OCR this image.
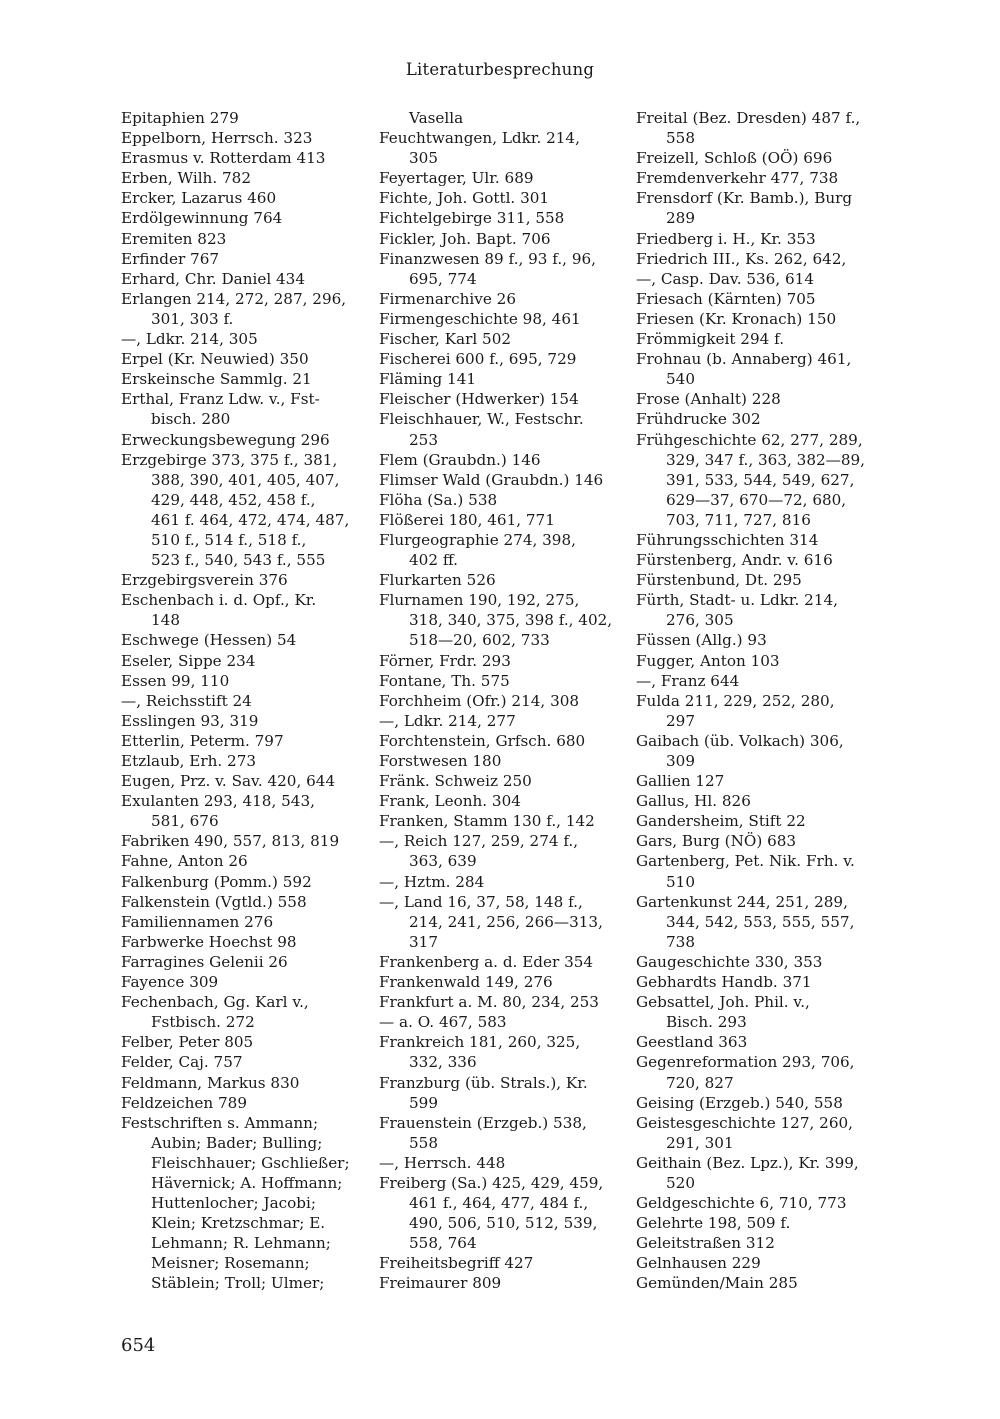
Literaturbesprechung
Epitaphien 279
Eppelborn, Herrsch. 323
Erasmus v. Rotterdam 413
Erben, Wilh. 782
Ercker, Lazarus 460
Erdölgewinnung 764
Eremiten 823
Erfinder 767
Erhard, Chr. Daniel 434
Erlangen 214, 272, 287, 296,
301, 303 f.
—, Ldkr. 214, 305
Erpel (Kr. Neuwied) 350
Erskeinsche Sammlg. 21
Erthal, Franz Ldw. v., Fst-
bisch. 280
Erweckungsbewegung 296
Erzgebirge 373, 375 f., 381,
388, 390, 401, 405, 407,
429, 448, 452, 458 f.,
461 f. 464, 472, 474, 487,
510 f., 514 f., 518 f.,
523 f., 540, 543 f., 555
Erzgebirgsverein 376
Eschenbach i. d. Opf., Kr.
148
Eschwege (Hessen) 54
Eseler, Sippe 234
Essen 99, 110
—, Reichsstift 24
Esslingen 93, 319
Etterlin, Peterm. 797
Etzlaub, Erh. 273
Eugen, Prz. v. Sav. 420, 644
Exulanten 293, 418, 543,
581, 676
Fabriken 490, 557, 813, 819
Fahne, Anton 26
Falkenburg (Pomm.) 592
Falkenstein (Vgtld.) 558
Familiennamen 276
Farbwerke Hoechst 98
Farragines Gelenii 26
Fayence 309
Fechenbach, Gg. Karl v.,
Fstbisch. 272
Felber, Peter 805
Felder, Caj. 757
Feldmann, Markus 830
Feldzeichen 789
Festschriften s. Ammann;
Aubin; Bader; Bulling;
Fleischhauer; Gschließer;
Hävernick; A. Hoffmann;
Huttenlocher; Jacobi;
Klein; Kretzschmar; E.
Lehmann; R. Lehmann;
Meisner; Rosemann;
Stäblein; Troll; Ulmer;
Vasella
Feuchtwangen, Ldkr. 214,
305
Feyertager, Ulr. 689
Fichte, Joh. Gottl. 301
Fichtelgebirge 311, 558
Fickler, Joh. Bapt. 706
Finanzwesen 89 f., 93 f., 96,
695, 774
Firmenarchive 26
Firmengeschichte 98, 461
Fischer, Karl 502
Fischerei 600 f., 695, 729
Fläming 141
Fleischer (Hdwerker) 154
Fleischhauer, W., Festschr.
253
Flem (Graubdn.) 146
Flimser Wald (Graubdn.) 146
Flöha (Sa.) 538
Flößerei 180, 461, 771
Flurgeographie 274, 398,
402 ff.
Flurkarten 526
Flurnamen 190, 192, 275,
318, 340, 375, 398 f., 402,
518—20, 602, 733
Förner, Frdr. 293
Fontane, Th. 575
Forchheim (Ofr.) 214, 308
—, Ldkr. 214, 277
Forchtenstein, Grfsch. 680
Forstwesen 180
Fränk. Schweiz 250
Frank, Leonh. 304
Franken, Stamm 130 f., 142
—, Reich 127, 259, 274 f.,
363, 639
—, Hztm. 284
—, Land 16, 37, 58, 148 f.,
214, 241, 256, 266—313,
317
Frankenberg a. d. Eder 354
Frankenwald 149, 276
Frankfurt a. M. 80, 234, 253
— a. O. 467, 583
Frankreich 181, 260, 325,
332, 336
Franzburg (üb. Strals.), Kr.
599
Frauenstein (Erzgeb.) 538,
558
—, Herrsch. 448
Freiberg (Sa.) 425, 429, 459,
461 f., 464, 477, 484 f.,
490, 506, 510, 512, 539,
558, 764
Freiheitsbegriff 427
Freimaurer 809
Freital (Bez. Dresden) 487 f.,
558
Freizell, Schloß (OÖ) 696
Fremdenverkehr 477, 738
Frensdorf (Kr. Bamb.), Burg
289
Friedberg i. H., Kr. 353
Friedrich III., Ks. 262, 642,
—, Casp. Dav. 536, 614
Friesach (Kärnten) 705
Friesen (Kr. Kronach) 150
Frömmigkeit 294 f.
Frohnau (b. Annaberg) 461,
540
Frose (Anhalt) 228
Frühdrucke 302
Frühgeschichte 62, 277, 289,
329, 347 f., 363, 382—89,
391, 533, 544, 549, 627,
629—37, 670—72, 680,
703, 711, 727, 816
Führungsschichten 314
Fürstenberg, Andr. v. 616
Fürstenbund, Dt. 295
Fürth, Stadt- u. Ldkr. 214,
276, 305
Füssen (Allg.) 93
Fugger, Anton 103
—, Franz 644
Fulda 211, 229, 252, 280,
297
Gaibach (üb. Volkach) 306,
309
Gallien 127
Gallus, Hl. 826
Gandersheim, Stift 22
Gars, Burg (NÖ) 683
Gartenberg, Pet. Nik. Frh. v.
510
Gartenkunst 244, 251, 289,
344, 542, 553, 555, 557,
738
Gaugeschichte 330, 353
Gebhardts Handb. 371
Gebsattel, Joh. Phil. v.,
Bisch. 293
Geestland 363
Gegenreformation 293, 706,
720, 827
Geising (Erzgeb.) 540, 558
Geistesgeschichte 127, 260,
291, 301
Geithain (Bez. Lpz.), Kr. 399,
520
Geldgeschichte 6, 710, 773
Gelehrte 198, 509 f.
Geleitstraßen 312
Gelnhausen 229
Gemünden/Main 285
654
